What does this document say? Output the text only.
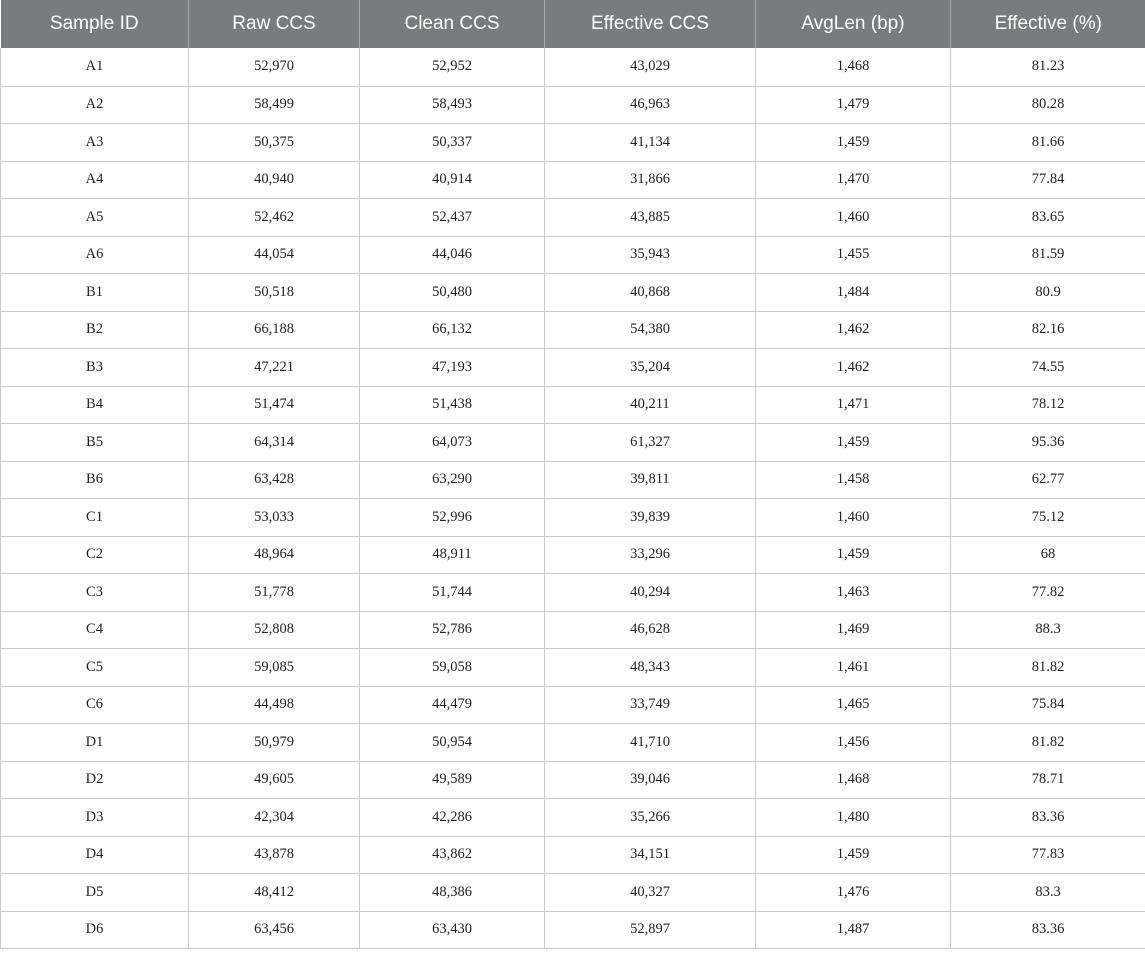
Sample ID	Raw CCS	Clean CCS	Effective CCS	AvgLen (bp)	Effective (%)
A1	52,970	52,952	43,029	1,468	81.23
A2	58,499	58,493	46,963	1,479	80.28
A3	50,375	50,337	41,134	1,459	81.66
A4	40,940	40,914	31,866	1,470	77.84
A5	52,462	52,437	43,885	1,460	83.65
A6	44,054	44,046	35,943	1,455	81.59
B1	50,518	50,480	40,868	1,484	80.9
B2	66,188	66,132	54,380	1,462	82.16
B3	47,221	47,193	35,204	1,462	74.55
B4	51,474	51,438	40,211	1,471	78.12
B5	64,314	64,073	61,327	1,459	95.36
B6	63,428	63,290	39,811	1,458	62.77
C1	53,033	52,996	39,839	1,460	75.12
C2	48,964	48,911	33,296	1,459	68
C3	51,778	51,744	40,294	1,463	77.82
C4	52,808	52,786	46,628	1,469	88.3
C5	59,085	59,058	48,343	1,461	81.82
C6	44,498	44,479	33,749	1,465	75.84
D1	50,979	50,954	41,710	1,456	81.82
D2	49,605	49,589	39,046	1,468	78.71
D3	42,304	42,286	35,266	1,480	83.36
D4	43,878	43,862	34,151	1,459	77.83
D5	48,412	48,386	40,327	1,476	83.3
D6	63,456	63,430	52,897	1,487	83.36
